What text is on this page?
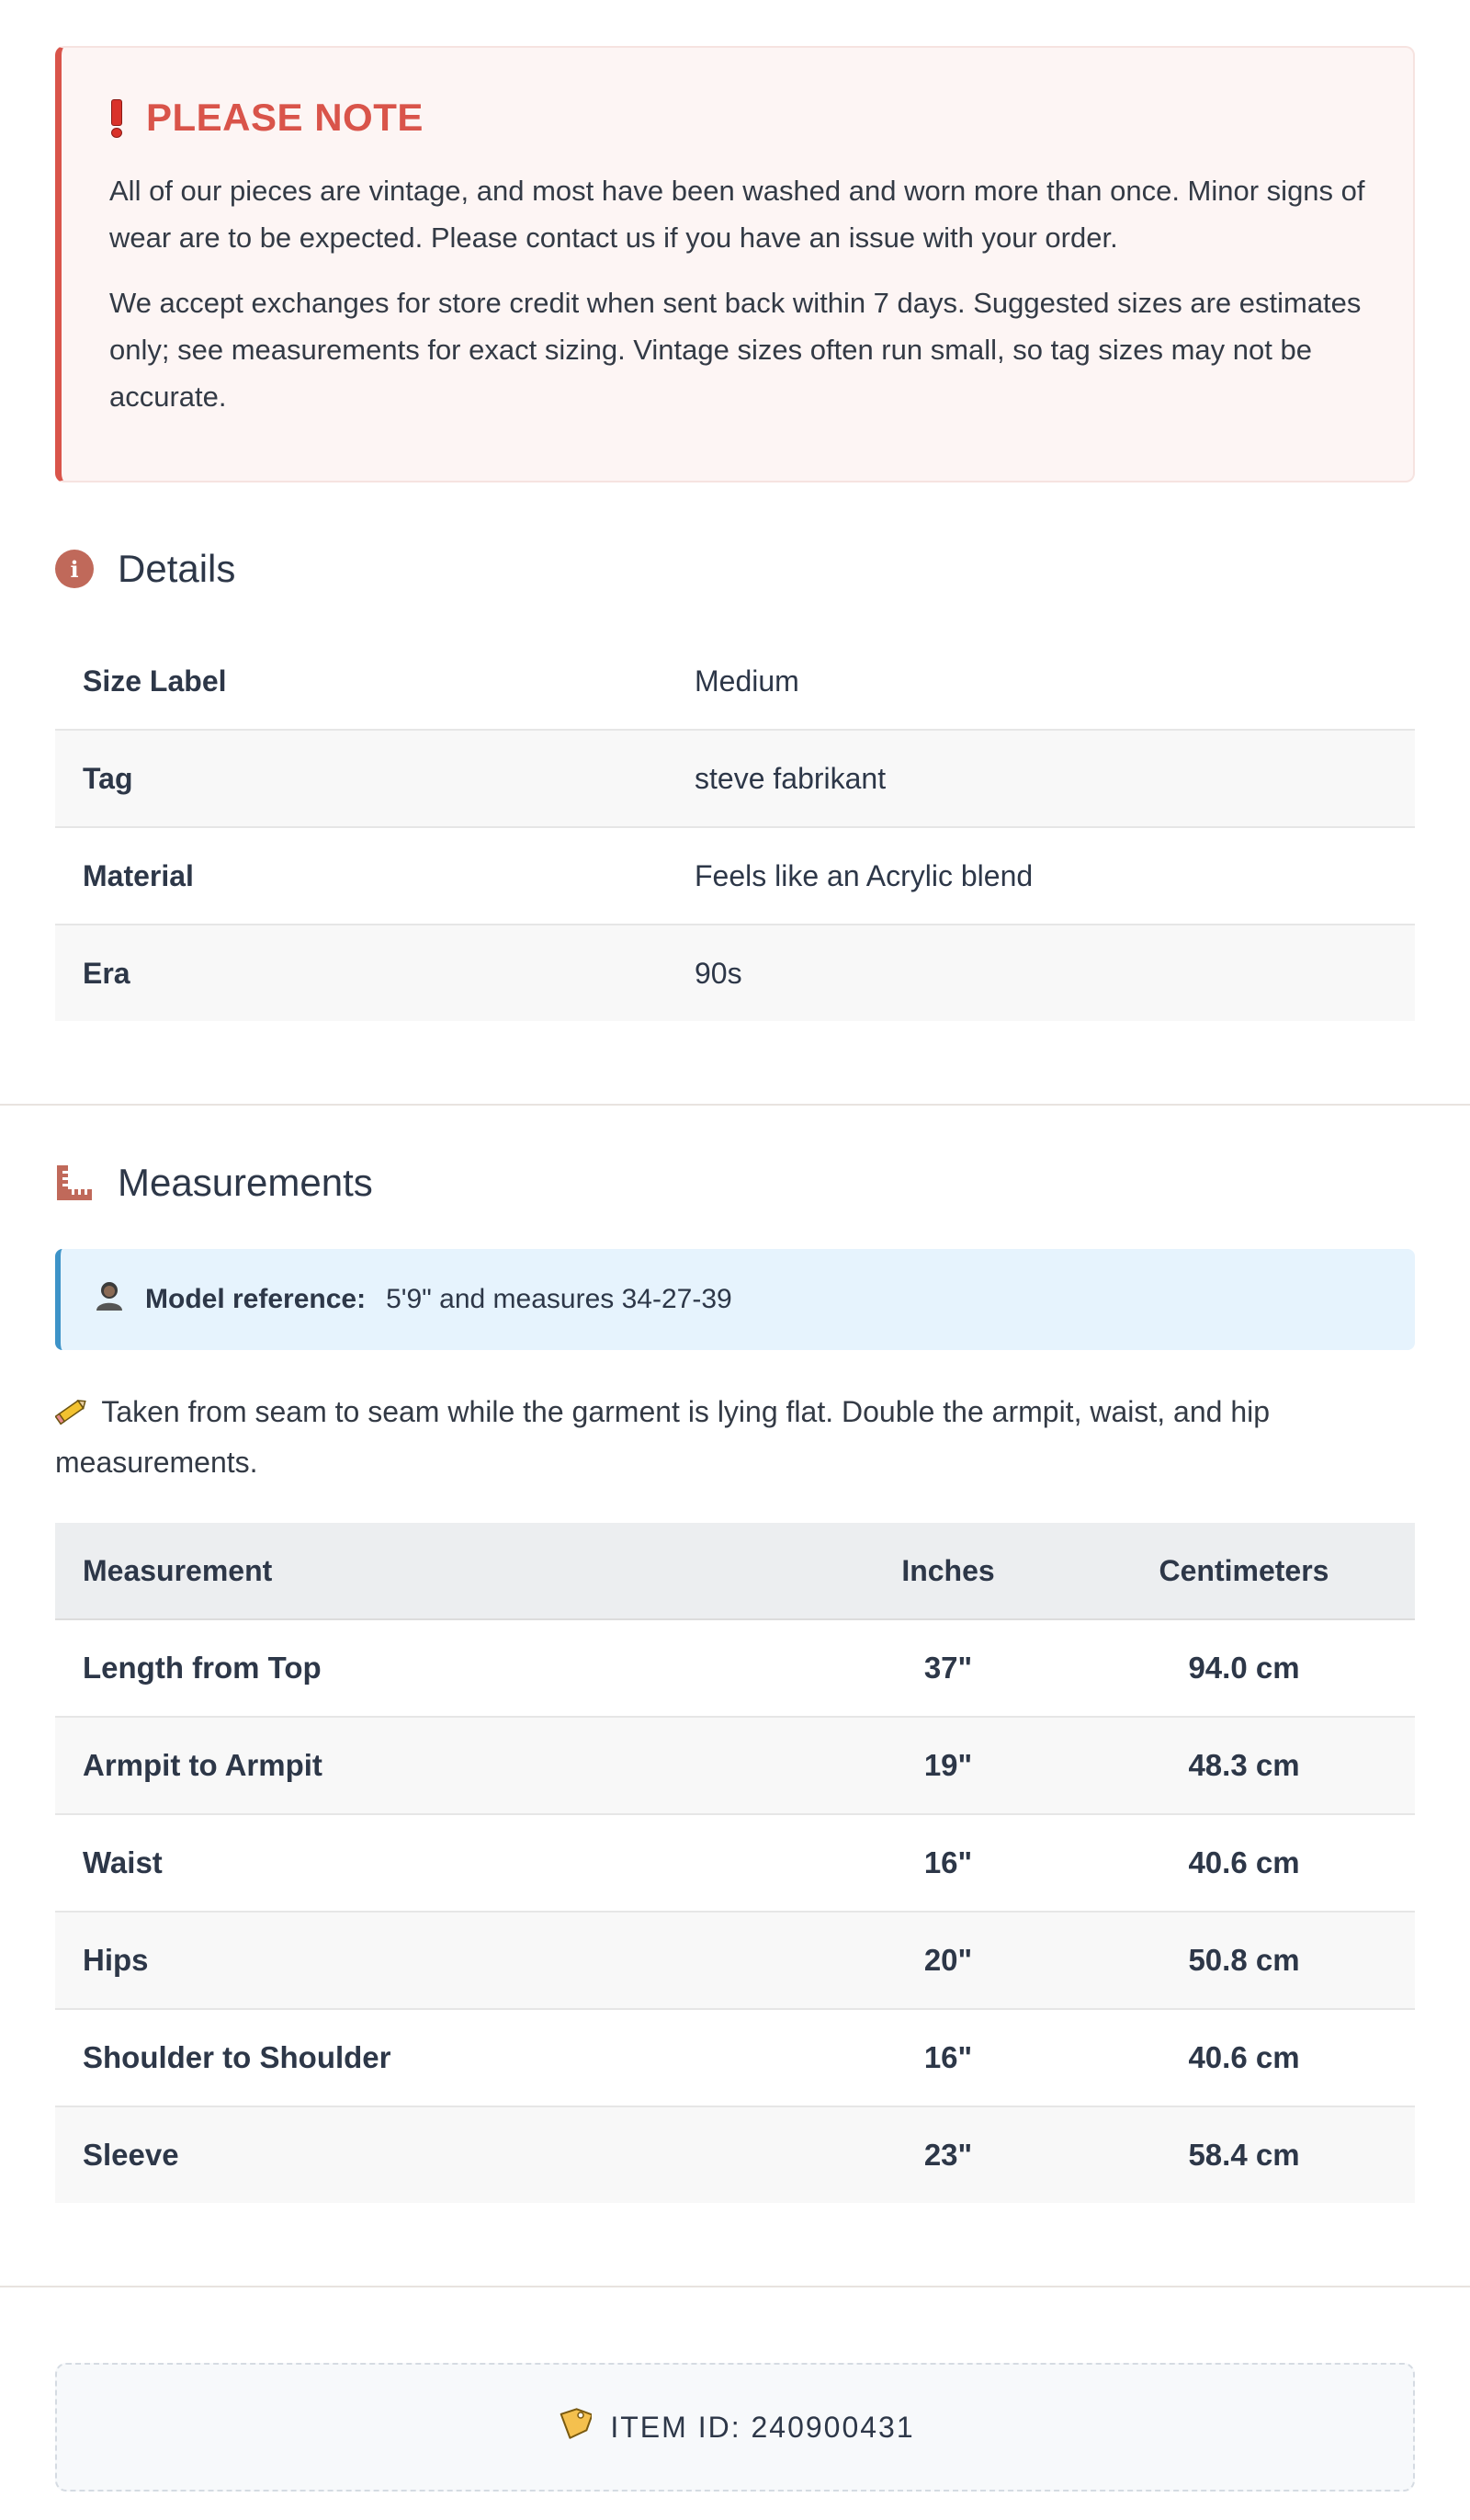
PLEASE NOTE

All of our pieces are vintage, and most have been washed and worn more than once. Minor signs of wear are to be expected. Please contact us if you have an issue with your order.

We accept exchanges for store credit when sent back within 7 days. Suggested sizes are estimates only; see measurements for exact sizing. Vintage sizes often run small, so tag sizes may not be accurate.

i	Details
Size Label	Medium
Tag	steve fabrikant
Material	Feels like an Acrylic blend
Era	90s
Measurements
Model reference: 5'9" and measures 34-27-39
Taken from seam to seam while the garment is lying flat. Double the armpit, waist, and hip measurements.
Measurement	Inches	Centimeters
Length from Top	37"	94.0 cm
Armpit to Armpit	19"	48.3 cm
Waist	16"	40.6 cm
Hips	20"	50.8 cm
Shoulder to Shoulder	16"	40.6 cm
Sleeve	23"	58.4 cm
ITEM ID: 240900431
